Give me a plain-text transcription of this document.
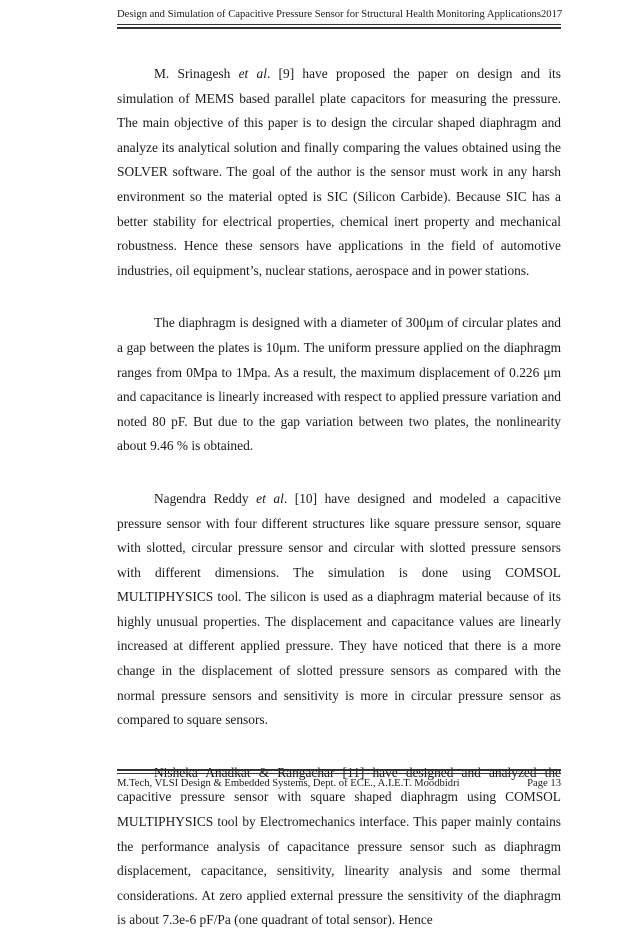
Design and Simulation of Capacitive Pressure Sensor for Structural Health Monitoring Applications 2017

M. Srinagesh et al. [9] have proposed the paper on design and its simulation of MEMS based parallel plate capacitors for measuring the pressure. The main objective of this paper is to design the circular shaped diaphragm and analyze its analytical solution and finally comparing the values obtained using the SOLVER software. The goal of the author is the sensor must work in any harsh environment so the material opted is SIC (Silicon Carbide). Because SIC has a better stability for electrical properties, chemical inert property and mechanical robustness. Hence these sensors have applications in the field of automotive industries, oil equipment’s, nuclear stations, aerospace and in power stations.

The diaphragm is designed with a diameter of 300μm of circular plates and a gap between the plates is 10μm. The uniform pressure applied on the diaphragm ranges from 0Mpa to 1Mpa. As a result, the maximum displacement of 0.226 μm and capacitance is linearly increased with respect to applied pressure variation and noted 80 pF. But due to the gap variation between two plates, the nonlinearity about 9.46 % is obtained.

Nagendra Reddy et al. [10] have designed and modeled a capacitive pressure sensor with four different structures like square pressure sensor, square with slotted, circular pressure sensor and circular with slotted pressure sensors with different dimensions. The simulation is done using COMSOL MULTIPHYSICS tool. The silicon is used as a diaphragm material because of its highly unusual properties. The displacement and capacitance values are linearly increased at different applied pressure. They have noticed that there is a more change in the displacement of slotted pressure sensors as compared with the normal pressure sensors and sensitivity is more in circular pressure sensor as compared to square sensors.

Nisheka Anadkat & Rangachar [11] have designed and analyzed the capacitive pressure sensor with square shaped diaphragm using COMSOL MULTIPHYSICS tool by Electromechanics interface. This paper mainly contains the performance analysis of capacitance pressure sensor such as diaphragm displacement, capacitance, sensitivity, linearity analysis and some thermal considerations. At zero applied external pressure the sensitivity of the diaphragm is about 7.3e-6 pF/Pa (one quadrant of total sensor). Hence

M.Tech, VLSI Design & Embedded Systems, Dept. of ECE., A.I.E.T. Moodbidri	Page 13
